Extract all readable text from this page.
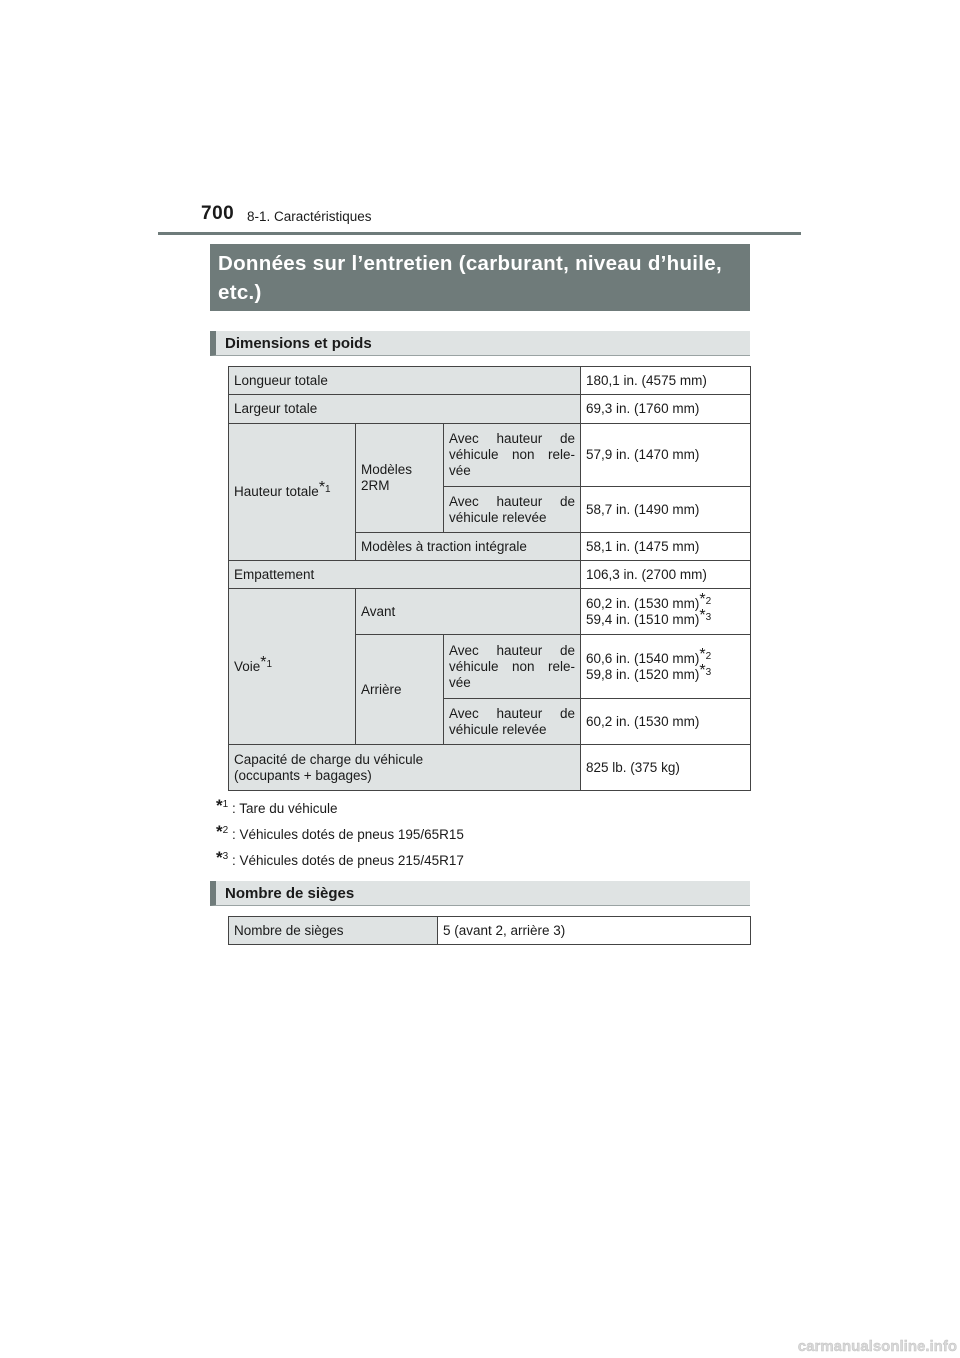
700 8-1. Caractéristiques
Données sur l’entretien (carburant, niveau d’huile, etc.)
Dimensions et poids
Longueur totale			180,1 in. (4575 mm)
Largeur totale			69,3 in. (1760 mm)
Hauteur totale$^{*1}$	Modèles 2RM	Avec hauteur de véhicule non rele-vée	57,9 in. (1470 mm)
		Avec hauteur de véhicule relevée	58,7 in. (1490 mm)
	Modèles à traction intégrale		58,1 in. (1475 mm)
Empattement			106,3 in. (2700 mm)
Voie$^{*1}$	Avant		60,2 in. (1530 mm)$^{*2}$
59,4 in. (1510 mm)$^{*3}$

	Arrière	Avec hauteur de véhicule non rele-vée	60,6 in. (1540 mm)$^{*2}$
59,8 in. (1520 mm)$^{*3}$

		Avec hauteur de véhicule relevée	60,2 in. (1530 mm)

Capacité de charge du véhicule
(occupants + bagages)			825 lb. (375 kg)
*$^1$ : Tare du véhicule
*$^2$ : Véhicules dotés de pneus 195/65R15
*$^3$ : Véhicules dotés de pneus 215/45R17
Nombre de sièges
Nombre de sièges	5 (avant 2, arrière 3)
carmanualsonline.info
